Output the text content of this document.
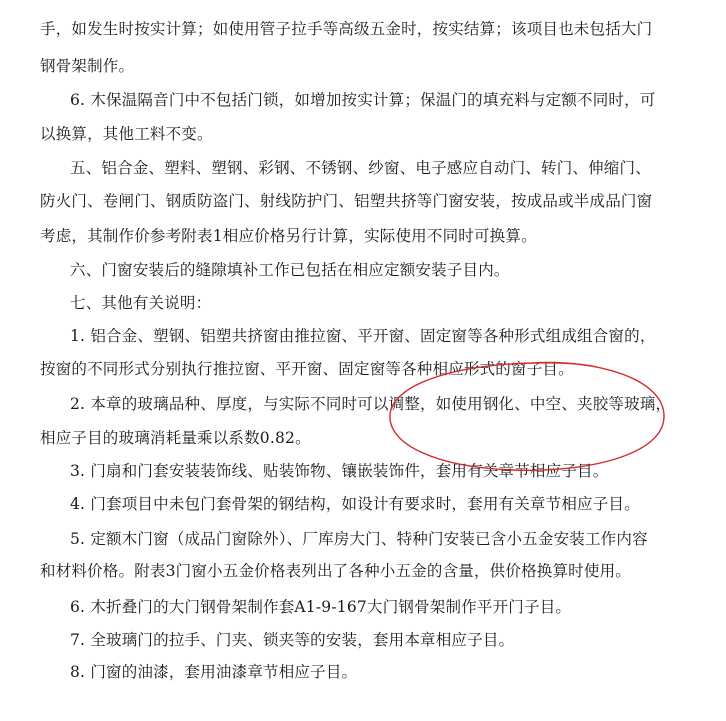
手，如发生时按实计算；如使用管子拉手等高级五金时，按实结算；该项目也未包括大门
钢骨架制作。
6. 木保温隔音门中不包括门锁，如增加按实计算；保温门的填充料与定额不同时，可
以换算，其他工料不变。
五、铝合金、塑料、塑钢、彩钢、不锈钢、纱窗、电子感应自动门、转门、伸缩门、
防火门、卷闸门、钢质防盗门、射线防护门、铝塑共挤等门窗安装，按成品或半成品门窗
考虑，其制作价参考附表1相应价格另行计算，实际使用不同时可换算。
六、门窗安装后的缝隙填补工作已包括在相应定额安装子目内。
七、其他有关说明：
1. 铝合金、塑钢、铝塑共挤窗由推拉窗、平开窗、固定窗等各种形式组成组合窗的，
按窗的不同形式分别执行推拉窗、平开窗、固定窗等各种相应形式的窗子目。
2. 本章的玻璃品种、厚度，与实际不同时可以调整，如使用钢化、中空、夹胶等玻璃，
相应子目的玻璃消耗量乘以系数0.82。
3. 门扇和门套安装装饰线、贴装饰物、镶嵌装饰件，套用有关章节相应子目。
4. 门套项目中未包门套骨架的钢结构，如设计有要求时，套用有关章节相应子目。
5. 定额木门窗（成品门窗除外）、厂库房大门、特种门安装已含小五金安装工作内容
和材料价格。附表3门窗小五金价格表列出了各种小五金的含量，供价格换算时使用。
6. 木折叠门的大门钢骨架制作套A1-9-167大门钢骨架制作平开门子目。
7. 全玻璃门的拉手、门夹、锁夹等的安装，套用本章相应子目。
8. 门窗的油漆，套用油漆章节相应子目。
